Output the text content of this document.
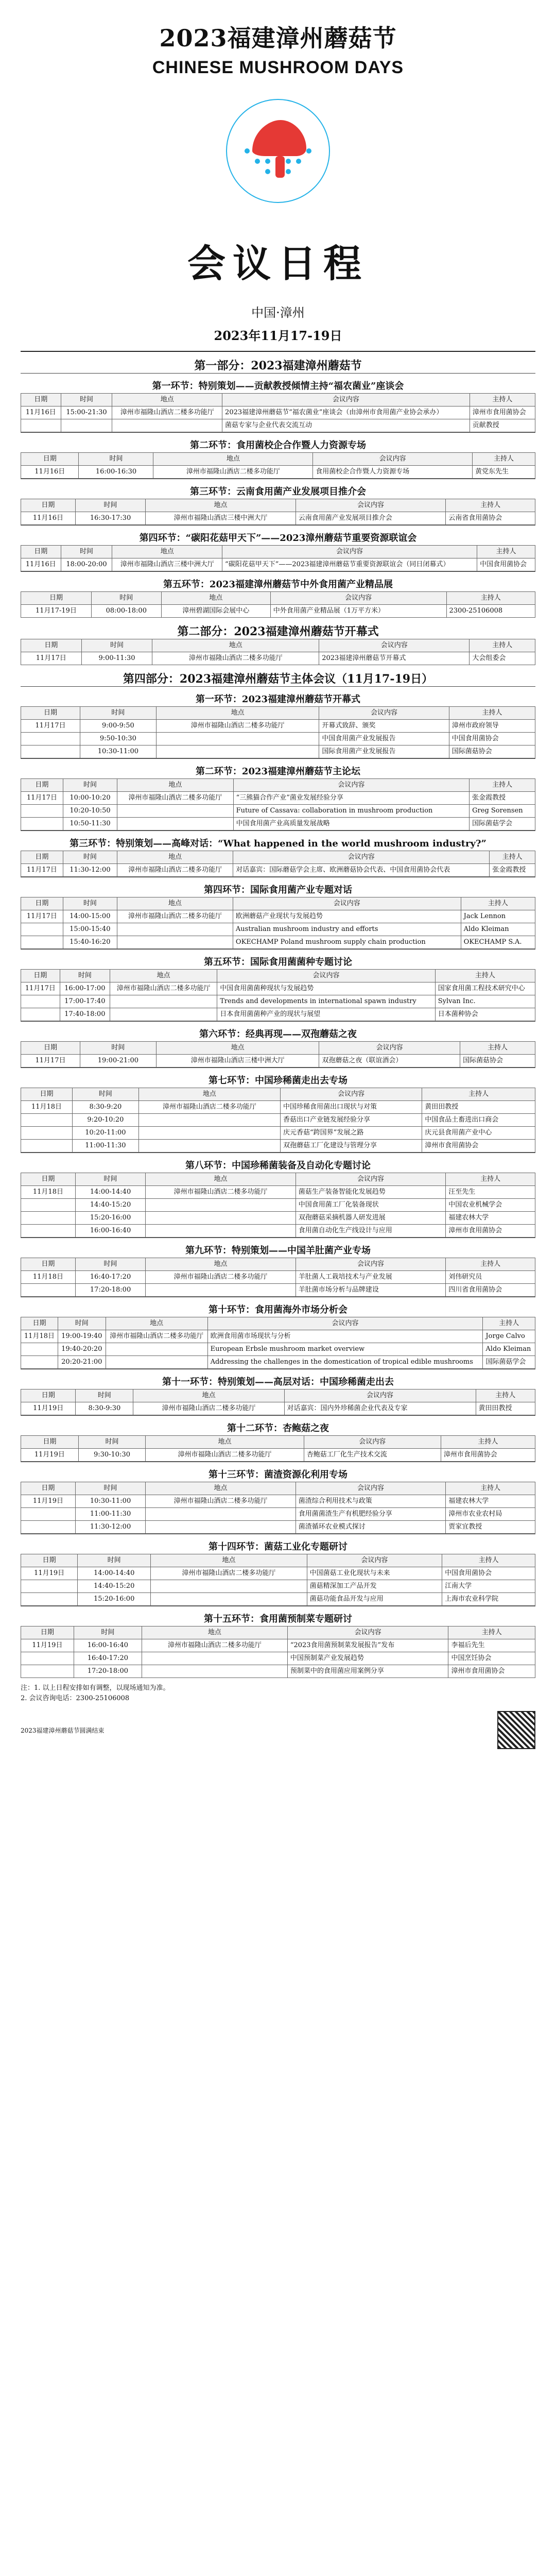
2023福建漳州蘑菇节
CHINESE MUSHROOM DAYS
会议日程
中国·漳州
2023年11月17-19日
第一部分：2023福建漳州蘑菇节
第一环节：特别策划——贡献教授倾情主持“福农菌业”座谈会
日期	时间	地点	会议内容	主持人
11月16日	15:00-21:30	漳州市福隆山酒店二楼多功能厅	2023福建漳州蘑菇节“福农菌业”座谈会（由漳州市食用菌产业协会承办）	漳州市食用菌协会
			菌菇专家与企业代表交流互动	贡献教授
第二环节：食用菌校企合作暨人力资源专场
日期	时间	地点	会议内容	主持人
11月16日	16:00-16:30	漳州市福隆山酒店二楼多功能厅	食用菌校企合作暨人力资源专场	黄党东先生
第三环节：云南食用菌产业发展项目推介会
日期	时间	地点	会议内容	主持人
11月16日	16:30-17:30	漳州市福隆山酒店三楼中洲大厅	云南食用菌产业发展项目推介会	云南省食用菌协会
第四环节：“碳阳花菇甲天下”——2023漳州蘑菇节重要资源联谊会
日期	时间	地点	会议内容	主持人
11月16日	18:00-20:00	漳州市福隆山酒店三楼中洲大厅	“碳阳花菇甲天下”——2023福建漳州蘑菇节重要资源联谊会（同日闭幕式）	中国食用菌协会
第五环节：2023福建漳州蘑菇节中外食用菌产业精品展
日期	时间	地点	会议内容	主持人
11月17-19日	08:00-18:00	漳州碧湖国际会展中心	中外食用菌产业精品展（1万平方米）	2300-25106008
第二部分：2023福建漳州蘑菇节开幕式
日期	时间	地点	会议内容	主持人
11月17日	9:00-11:30	漳州市福隆山酒店二楼多功能厅	2023福建漳州蘑菇节开幕式	大会组委会
第四部分：2023福建漳州蘑菇节主体会议（11月17-19日）
第一环节：2023福建漳州蘑菇节开幕式
日期	时间	地点	会议内容	主持人
11月17日	9:00-9:50	漳州市福隆山酒店二楼多功能厅	开幕式致辞、颁奖	漳州市政府领导
	9:50-10:30		中国食用菌产业发展报告	中国食用菌协会
	10:30-11:00		国际食用菌产业发展报告	国际菌菇协会
第二环节：2023福建漳州蘑菇节主论坛
日期	时间	地点	会议内容	主持人
11月17日	10:00-10:20	漳州市福隆山酒店二楼多功能厅	“三熊猫合作产业”菌业发展经验分享	张金霞教授
	10:20-10:50		Future of Cassava: collaboration in mushroom production	Greg Sorensen
	10:50-11:30		中国食用菌产业高质量发展战略	国际菌菇学会
第三环节：特别策划——高峰对话：“What happened in the world mushroom industry?”
日期	时间	地点	会议内容	主持人
11月17日	11:30-12:00	漳州市福隆山酒店二楼多功能厅	对话嘉宾：国际蘑菇学会主席、欧洲蘑菇协会代表、中国食用菌协会代表	张金霞教授
第四环节：国际食用菌产业专题对话
日期	时间	地点	会议内容	主持人
11月17日	14:00-15:00	漳州市福隆山酒店二楼多功能厅	欧洲蘑菇产业现状与发展趋势	Jack Lennon
	15:00-15:40		Australian mushroom industry and efforts	Aldo Kleiman
	15:40-16:20		OKECHAMP Poland mushroom supply chain production	OKECHAMP S.A.
第五环节：国际食用菌菌种专题讨论
日期	时间	地点	会议内容	主持人
11月17日	16:00-17:00	漳州市福隆山酒店二楼多功能厅	中国食用菌菌种现状与发展趋势	国家食用菌工程技术研究中心
	17:00-17:40		Trends and developments in international spawn industry	Sylvan Inc.
	17:40-18:00		日本食用菌菌种产业的现状与展望	日本菌种协会
第六环节：经典再现——双孢蘑菇之夜
日期	时间	地点	会议内容	主持人
11月17日	19:00-21:00	漳州市福隆山酒店三楼中洲大厅	双孢蘑菇之夜（联谊酒会）	国际菌菇协会
第七环节：中国珍稀菌走出去专场
日期	时间	地点	会议内容	主持人
11月18日	8:30-9:20	漳州市福隆山酒店二楼多功能厅	中国珍稀食用菌出口现状与对策	黄田田教授
	9:20-10:20		香菇出口产业链发展经验分享	中国食品土畜进出口商会
	10:20-11:00		庆元香菇“跨国界”发展之路	庆元县食用菌产业中心
	11:00-11:30		双孢蘑菇工厂化建设与管理分享	漳州市食用菌协会
第八环节：中国珍稀菌装备及自动化专题讨论
日期	时间	地点	会议内容	主持人
11月18日	14:00-14:40	漳州市福隆山酒店二楼多功能厅	菌菇生产装备智能化发展趋势	汪至先生
	14:40-15:20		中国食用菌工厂化装备现状	中国农业机械学会
	15:20-16:00		双孢蘑菇采摘机器人研发进展	福建农林大学
	16:00-16:40		食用菌自动化生产线设计与应用	漳州市食用菌协会
第九环节：特别策划——中国羊肚菌产业专场
日期	时间	地点	会议内容	主持人
11月18日	16:40-17:20	漳州市福隆山酒店二楼多功能厅	羊肚菌人工栽培技术与产业发展	刘伟研究员
	17:20-18:00		羊肚菌市场分析与品牌建设	四川省食用菌协会
第十环节：食用菌海外市场分析会
日期	时间	地点	会议内容	主持人
11月18日	19:00-19:40	漳州市福隆山酒店二楼多功能厅	欧洲食用菌市场现状与分析	Jorge Calvo
	19:40-20:20		European Erbsle mushroom market overview	Aldo Kleiman
	20:20-21:00		Addressing the challenges in the domestication of tropical edible mushrooms	国际菌菇学会
第十一环节：特别策划——高层对话：中国珍稀菌走出去
日期	时间	地点	会议内容	主持人
11月19日	8:30-9:30	漳州市福隆山酒店二楼多功能厅	对话嘉宾：国内外珍稀菌企业代表及专家	黄田田教授
第十二环节：杏鲍菇之夜
日期	时间	地点	会议内容	主持人
11月19日	9:30-10:30	漳州市福隆山酒店二楼多功能厅	杏鲍菇工厂化生产技术交流	漳州市食用菌协会
第十三环节：菌渣资源化利用专场
日期	时间	地点	会议内容	主持人
11月19日	10:30-11:00	漳州市福隆山酒店二楼多功能厅	菌渣综合利用技术与政策	福建农林大学
	11:00-11:30		食用菌菌渣生产有机肥经验分享	漳州市农业农村局
	11:30-12:00		菌渣循环农业模式探讨	贾家宜教授
第十四环节：菌菇工业化专题研讨
日期	时间	地点	会议内容	主持人
11月19日	14:00-14:40	漳州市福隆山酒店二楼多功能厅	中国菌菇工业化现状与未来	中国食用菌协会
	14:40-15:20		菌菇精深加工产品开发	江南大学
	15:20-16:00		菌菇功能食品开发与应用	上海市农业科学院
第十五环节：食用菌预制菜专题研讨
日期	时间	地点	会议内容	主持人
11月19日	16:00-16:40	漳州市福隆山酒店二楼多功能厅	“2023食用菌预制菜发展报告”发布	李福后先生
	16:40-17:20		中国预制菜产业发展趋势	中国烹饪协会
	17:20-18:00		预制菜中的食用菌应用案例分享	漳州市食用菌协会
注：1. 以上日程安排如有调整，以现场通知为准。
2. 会议咨询电话：2300-25106008
2023福建漳州蘑菇节圆满结束
